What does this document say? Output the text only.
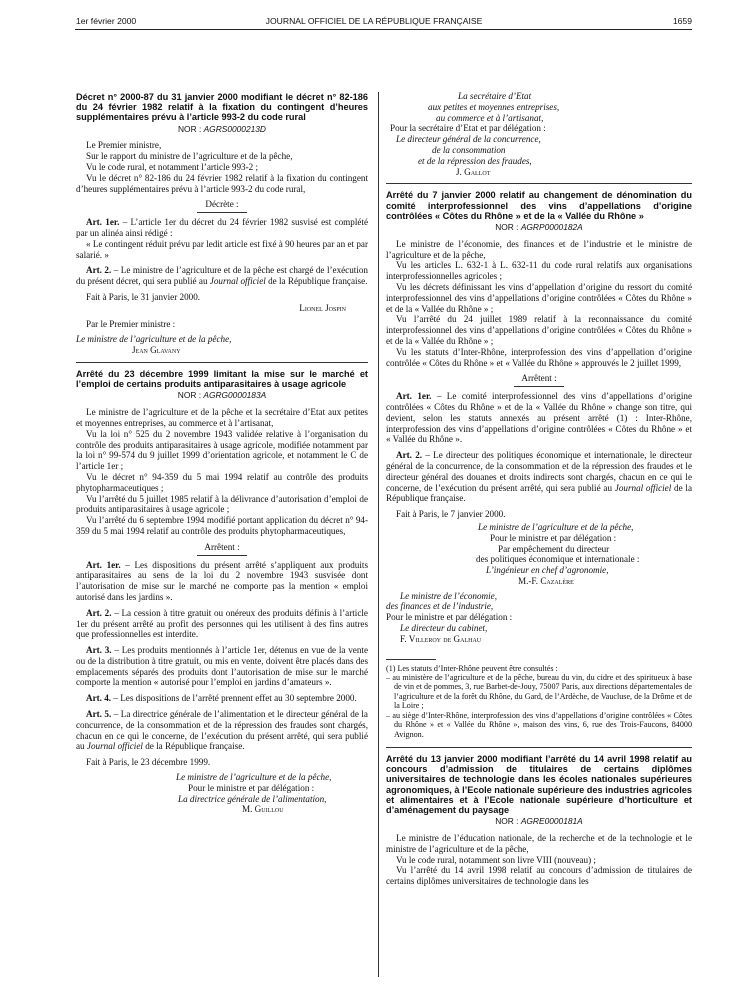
1er février 2000	JOURNAL OFFICIEL DE LA RÉPUBLIQUE FRANÇAISE	1659

Décret n° 2000-87 du 31 janvier 2000 modifiant le décret n° 82-186 du 24 février 1982 relatif à la fixation du contingent d’heures supplémentaires prévu à l’article 993-2 du code rural

NOR : AGRS0000213D

Le Premier ministre,

Sur le rapport du ministre de l’agriculture et de la pêche,

Vu le code rural, et notamment l’article 993-2 ;

Vu le décret n° 82-186 du 24 février 1982 relatif à la fixation du contingent d’heures supplémentaires prévu à l’article 993-2 du code rural,

Décrète :

Art. 1er. – L’article 1er du décret du 24 février 1982 susvisé est complété par un alinéa ainsi rédigé :

« Le contingent réduit prévu par ledit article est fixé à 90 heures par an et par salarié. »

Art. 2. – Le ministre de l’agriculture et de la pêche est chargé de l’exécution du présent décret, qui sera publié au Journal officiel de la République française.

Fait à Paris, le 31 janvier 2000.

Lionel Jospin

Par le Premier ministre :

Le ministre de l’agriculture et de la pêche,

Jean Glavany

Arrêté du 23 décembre 1999 limitant la mise sur le marché et l’emploi de certains produits antiparasitaires à usage agricole

NOR : AGRG0000183A

Le ministre de l’agriculture et de la pêche et la secrétaire d’Etat aux petites et moyennes entreprises, au commerce et à l’artisanat,

Vu la loi n° 525 du 2 novembre 1943 validée relative à l’organisation du contrôle des produits antiparasitaires à usage agricole, modifiée notamment par la loi n° 99-574 du 9 juillet 1999 d’orientation agricole, et notamment le C de l’article 1er ;

Vu le décret n° 94-359 du 5 mai 1994 relatif au contrôle des produits phytopharmaceutiques ;

Vu l’arrêté du 5 juillet 1985 relatif à la délivrance d’autorisation d’emploi de produits antiparasitaires à usage agricole ;

Vu l’arrêté du 6 septembre 1994 modifié portant application du décret n° 94-359 du 5 mai 1994 relatif au contrôle des produits phytopharmaceutiques,

Arrêtent :

Art. 1er. – Les dispositions du présent arrêté s’appliquent aux produits antiparasitaires au sens de la loi du 2 novembre 1943 susvisée dont l’autorisation de mise sur le marché ne comporte pas la mention « emploi autorisé dans les jardins ».

Art. 2. – La cession à titre gratuit ou onéreux des produits définis à l’article 1er du présent arrêté au profit des personnes qui les utilisent à des fins autres que professionnelles est interdite.

Art. 3. – Les produits mentionnés à l’article 1er, détenus en vue de la vente ou de la distribution à titre gratuit, ou mis en vente, doivent être placés dans des emplacements séparés des produits dont l’autorisation de mise sur le marché comporte la mention « autorisé pour l’emploi en jardins d’amateurs ».

Art. 4. – Les dispositions de l’arrêté prennent effet au 30 septembre 2000.

Art. 5. – La directrice générale de l’alimentation et le directeur général de la concurrence, de la consommation et de la répression des fraudes sont chargés, chacun en ce qui le concerne, de l’exécution du présent arrêté, qui sera publié au Journal officiel de la République française.

Fait à Paris, le 23 décembre 1999.

Le ministre de l’agriculture et de la pêche,

Pour le ministre et par délégation :

La directrice générale de l’alimentation,

M. Guillou

La secrétaire d’Etat

aux petites et moyennes entreprises,

au commerce et à l’artisanat,

Pour la secrétaire d’Etat et par délégation :

Le directeur général de la concurrence,

de la consommation

et de la répression des fraudes,

J. Gallot

Arrêté du 7 janvier 2000 relatif au changement de dénomination du comité interprofessionnel des vins d’appellations d’origine contrôlées « Côtes du Rhône » et de la « Vallée du Rhône »

NOR : AGRP0000182A

Le ministre de l’économie, des finances et de l’industrie et le ministre de l’agriculture et de la pêche,

Vu les articles L. 632-1 à L. 632-11 du code rural relatifs aux organisations interprofessionnelles agricoles ;

Vu les décrets définissant les vins d’appellation d’origine du ressort du comité interprofessionnel des vins d’appellations d’origine contrôlées « Côtes du Rhône » et de la « Vallée du Rhône » ;

Vu l’arrêté du 24 juillet 1989 relatif à la reconnaissance du comité interprofessionnel des vins d’appellations d’origine contrôlées « Côtes du Rhône » et de la « Vallée du Rhône » ;

Vu les statuts d’Inter-Rhône, interprofession des vins d’appellation d’origine contrôlée « Côtes du Rhône » et « Vallée du Rhône » approuvés le 2 juillet 1999,

Arrêtent :

Art. 1er. – Le comité interprofessionnel des vins d’appellations d’origine contrôlées « Côtes du Rhône » et de la « Vallée du Rhône » change son titre, qui devient, selon les statuts annexés au présent arrêté (1) : Inter-Rhône, interprofession des vins d’appellations d’origine contrôlées « Côtes du Rhône » et « Vallée du Rhône ».

Art. 2. – Le directeur des politiques économique et internationale, le directeur général de la concurrence, de la consommation et de la répression des fraudes et le directeur général des douanes et droits indirects sont chargés, chacun en ce qui le concerne, de l’exécution du présent arrêté, qui sera publié au Journal officiel de la République française.

Fait à Paris, le 7 janvier 2000.

Le ministre de l’agriculture et de la pêche,

Pour le ministre et par délégation :

Par empêchement du directeur

des politiques économique et internationale :

L’ingénieur en chef d’agronomie,

M.-F. Cazalère

Le ministre de l’économie,

des finances et de l’industrie,

Pour le ministre et par délégation :

Le directeur du cabinet,

F. Villeroy de Galhau

(1) Les statuts d’Inter-Rhône peuvent être consultés :

– au ministère de l’agriculture et de la pêche, bureau du vin, du cidre et des spiritueux à base de vin et de pommes, 3, rue Barbet-de-Jouy, 75007 Paris, aux directions départementales de l’agriculture et de la forêt du Rhône, du Gard, de l’Ardèche, de Vaucluse, de la Drôme et de la Loire ;

– au siège d’Inter-Rhône, interprofession des vins d’appellations d’origine contrôlées « Côtes du Rhône » et « Vallée du Rhône », maison des vins, 6, rue des Trois-Faucons, 84000 Avignon.

Arrêté du 13 janvier 2000 modifiant l’arrêté du 14 avril 1998 relatif au concours d’admission de titulaires de certains diplômes universitaires de technologie dans les écoles nationales supérieures agronomiques, à l’Ecole nationale supérieure des industries agricoles et alimentaires et à l’Ecole nationale supérieure d’horticulture et d’aménagement du paysage

NOR : AGRE0000181A

Le ministre de l’éducation nationale, de la recherche et de la technologie et le ministre de l’agriculture et de la pêche,

Vu le code rural, notamment son livre VIII (nouveau) ;

Vu l’arrêté du 14 avril 1998 relatif au concours d’admission de titulaires de certains diplômes universitaires de technologie dans les
